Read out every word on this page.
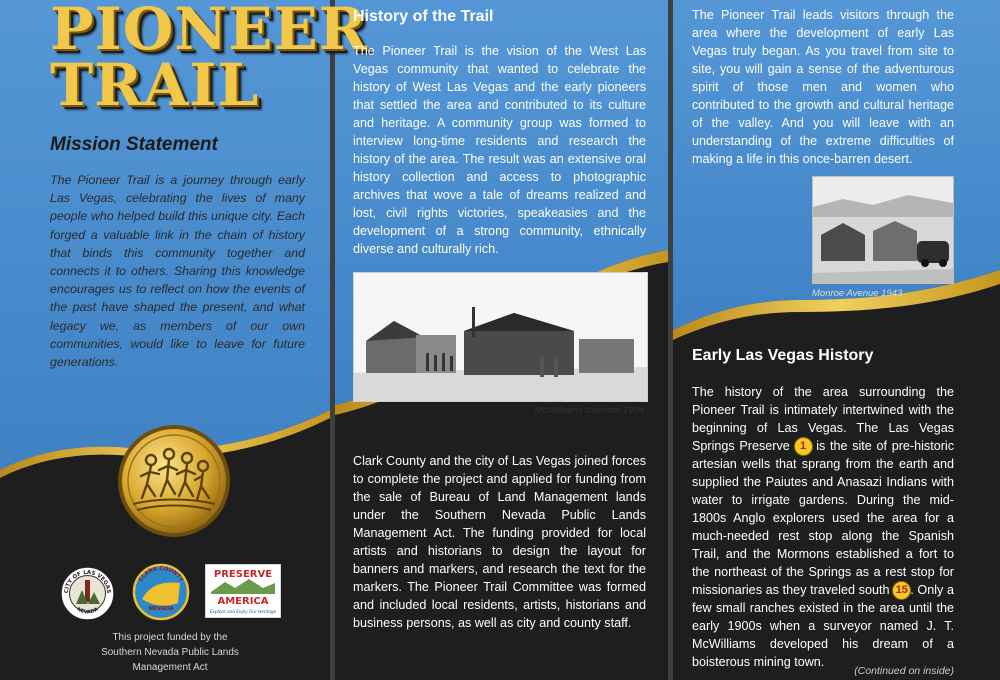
PIONEER
TRAIL
Mission Statement
The Pioneer Trail is a journey through early Las Vegas, celebrating the lives of many people who helped build this unique city. Each forged a valuable link in the chain of history that binds this community together and connects it to others. Sharing this knowledge encourages us to reflect on how the events of the past have shaped the present, and what legacy we, as members of our own communities, would like to leave for future generations.
History of the Trail
The Pioneer Trail is the vision of the West Las Vegas community that wanted to celebrate the history of West Las Vegas and the early pioneers that settled the area and contributed to its culture and heritage. A community group was formed to interview long-time residents and research the history of the area. The result was an extensive oral history collection and access to photographic archives that wove a tale of dreams realized and lost, civil rights victories, speakeasies and the development of a strong community, ethnically diverse and culturally rich.
McWilliams townsite 1904
Clark County and the city of Las Vegas joined forces to complete the project and applied for funding from the sale of Bureau of Land Management lands under the Southern Nevada Public Lands Management Act. The funding provided for local artists and historians to design the layout for banners and markers, and research the text for the markers. The Pioneer Trail Committee was formed and included local residents, artists, historians and business persons, as well as city and county staff.
The Pioneer Trail leads visitors through the area where the development of early Las Vegas truly began. As you travel from site to site, you will gain a sense of the adventurous spirit of those men and women who contributed to the growth and cultural heritage of the valley. And you will leave with an understanding of the extreme difficulties of making a life in this once-barren desert.
Monroe Avenue 1943
Early Las Vegas History
The history of the area surrounding the Pioneer Trail is intimately intertwined with the beginning of Las Vegas. The Las Vegas Springs Preserve 1 is the site of pre-historic artesian wells that sprang from the earth and supplied the Paiutes and Anasazi Indians with water to irrigate gardens. During the mid-1800s Anglo explorers used the area for a much-needed rest stop along the Spanish Trail, and the Mormons established a fort to the northeast of the Springs as a rest stop for missionaries as they traveled south 15 . Only a few small ranches existed in the area until the early 1900s when a surveyor named J. T. McWilliams developed his dream of a boisterous mining town.
(Continued on inside)
CITY OF LAS VEGAS
NEVADA
CLARK COUNTY
NEVADA
PRESERVE
AMERICA
Explore and Enjoy Our Heritage
This project funded by the Southern Nevada Public Lands Management Act
